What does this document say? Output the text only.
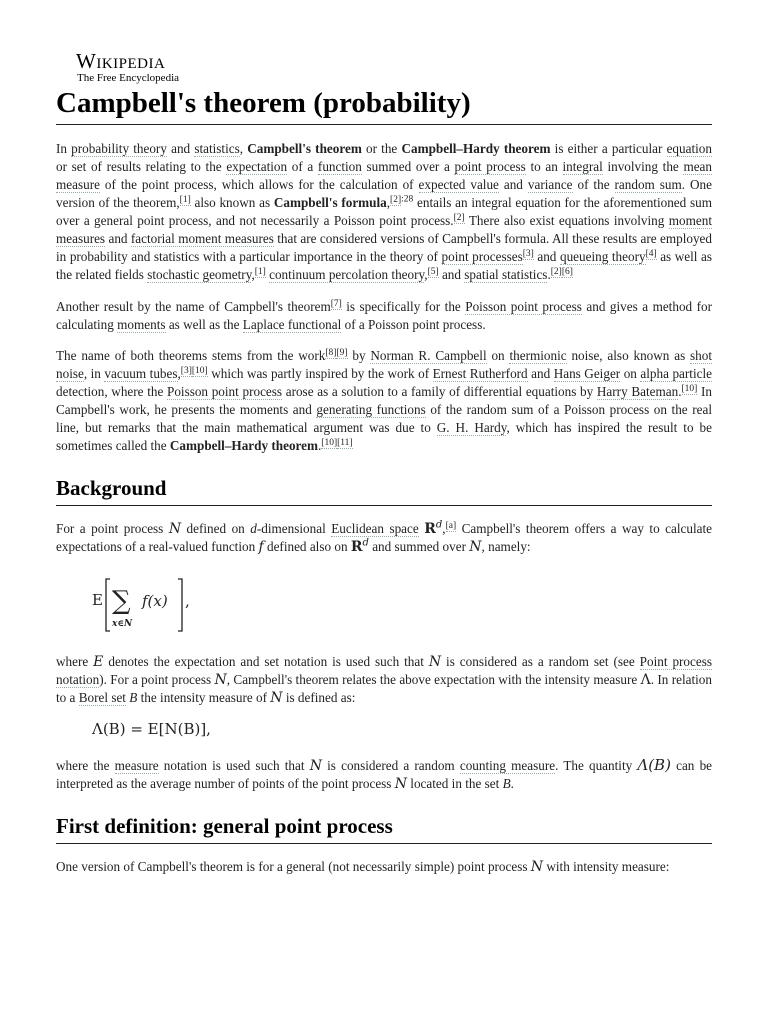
Wikipedia
The Free Encyclopedia
Campbell's theorem (probability)

In probability theory and statistics, Campbell's theorem or the Campbell–Hardy theorem is either a particular equation or set of results relating to the expectation of a function summed over a point process to an integral involving the mean measure of the point process, which allows for the calculation of expected value and variance of the random sum. One version of the theorem,[1] also known as Campbell's formula,$^{[2]:28}$ entails an integral equation for the aforementioned sum over a general point process, and not necessarily a Poisson point process.[2] There also exist equations involving moment measures and factorial moment measures that are considered versions of Campbell's formula. All these results are employed in probability and statistics with a particular importance in the theory of point processes[3] and queueing theory[4] as well as the related fields stochastic geometry,[1] continuum percolation theory,[5] and spatial statistics.[2][6]

Another result by the name of Campbell's theorem[7] is specifically for the Poisson point process and gives a method for calculating moments as well as the Laplace functional of a Poisson point process.

The name of both theorems stems from the work[8][9] by Norman R. Campbell on thermionic noise, also known as shot noise, in vacuum tubes,[3][10] which was partly inspired by the work of Ernest Rutherford and Hans Geiger on alpha particle detection, where the Poisson point process arose as a solution to a family of differential equations by Harry Bateman.[10] In Campbell's work, he presents the moments and generating functions of the random sum of a Poisson process on the real line, but remarks that the main mathematical argument was due to G. H. Hardy, which has inspired the result to be sometimes called the Campbell–Hardy theorem.[10][11]

Background

For a point process N defined on d-dimensional Euclidean space $R^d,[a]$ Campbell's theorem offers a way to calculate expectations of a real-valued function f defined also on $R^d$ and summed over N, namely:

E ∑
x∈N
f(x) ,

where E denotes the expectation and set notation is used such that N is considered as a random set (see Point process notation). For a point process N, Campbell's theorem relates the above expectation with the intensity measure Λ. In relation to a Borel set B the intensity measure of N is defined as:

Λ(B) = E[N(B)],

where the measure notation is used such that N is considered a random counting measure. The quantity Λ(B) can be interpreted as the average number of points of the point process N located in the set B.

First definition: general point process

One version of Campbell's theorem is for a general (not necessarily simple) point process N with intensity measure:
